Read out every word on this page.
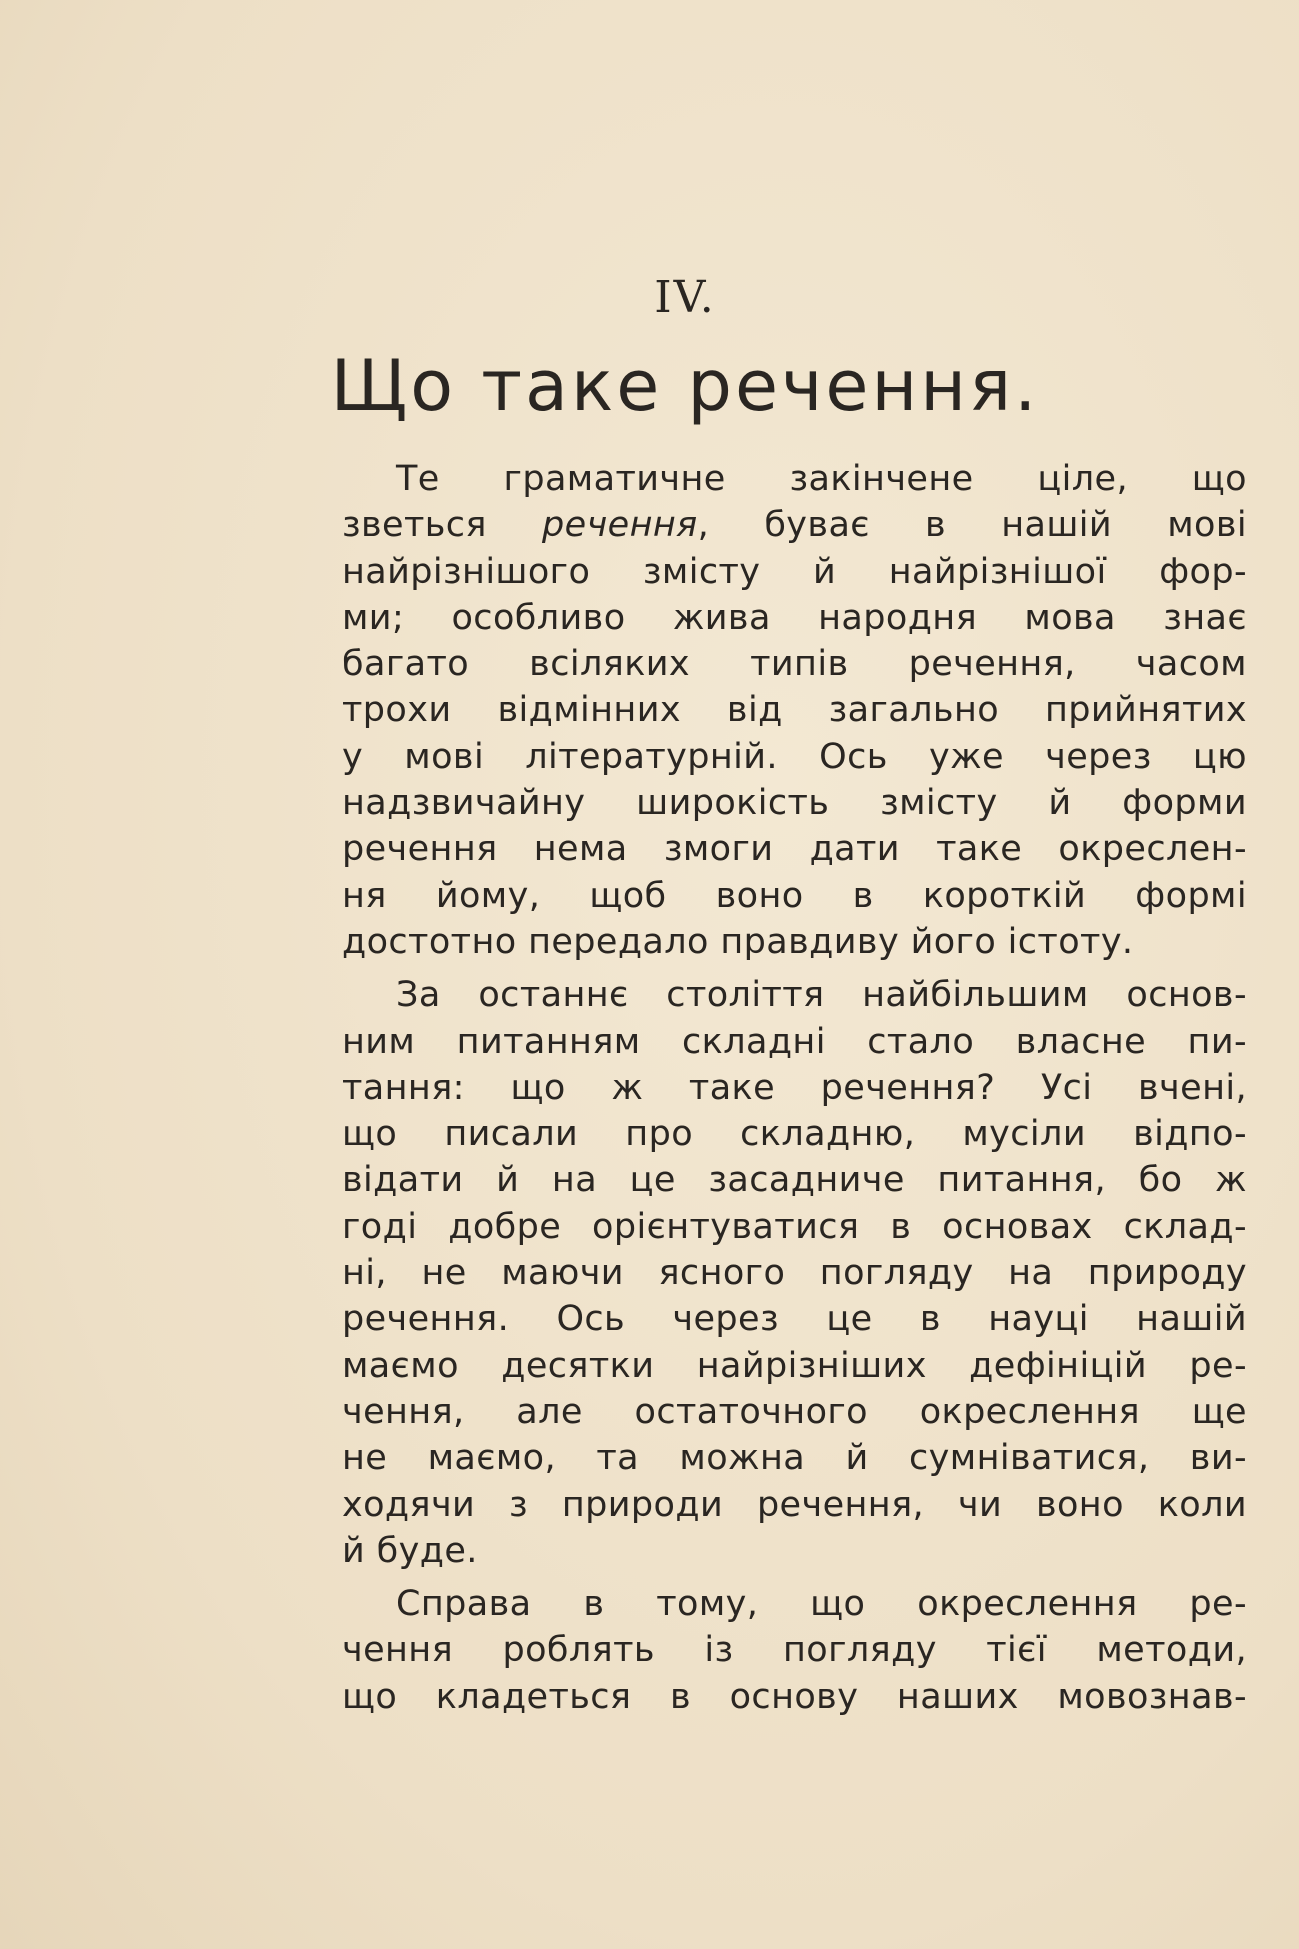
IV.
Що таке речення.
Те граматичне закінчене ціле, що
зветься речення, буває в нашій мові
найрізнішого змісту й найрізнішої фор-
ми; особливо жива народня мова знає
багато всіляких типів речення, часом
трохи відмінних від загально прийнятих
у мові літературній. Ось уже через цю
надзвичайну широкість змісту й форми
речення нема змоги дати таке окреслен-
ня йому, щоб воно в короткій формі
достотно передало правдиву його істоту.
За останнє століття найбільшим основ-
ним питанням складні стало власне пи-
тання: що ж таке речення? Усі вчені,
що писали про складню, мусіли відпо-
відати й на це засадниче питання, бо ж
годі добре орієнтуватися в основах склад-
ні, не маючи ясного погляду на природу
речення. Ось через це в науці нашій
маємо десятки найрізніших дефініцій ре-
чення, але остаточного окреслення ще
не маємо, та можна й сумніватися, ви-
ходячи з природи речення, чи воно коли
й буде.
Справа в тому, що окреслення ре-
чення роблять із погляду тієї методи,
що кладеться в основу наших мовознав-
